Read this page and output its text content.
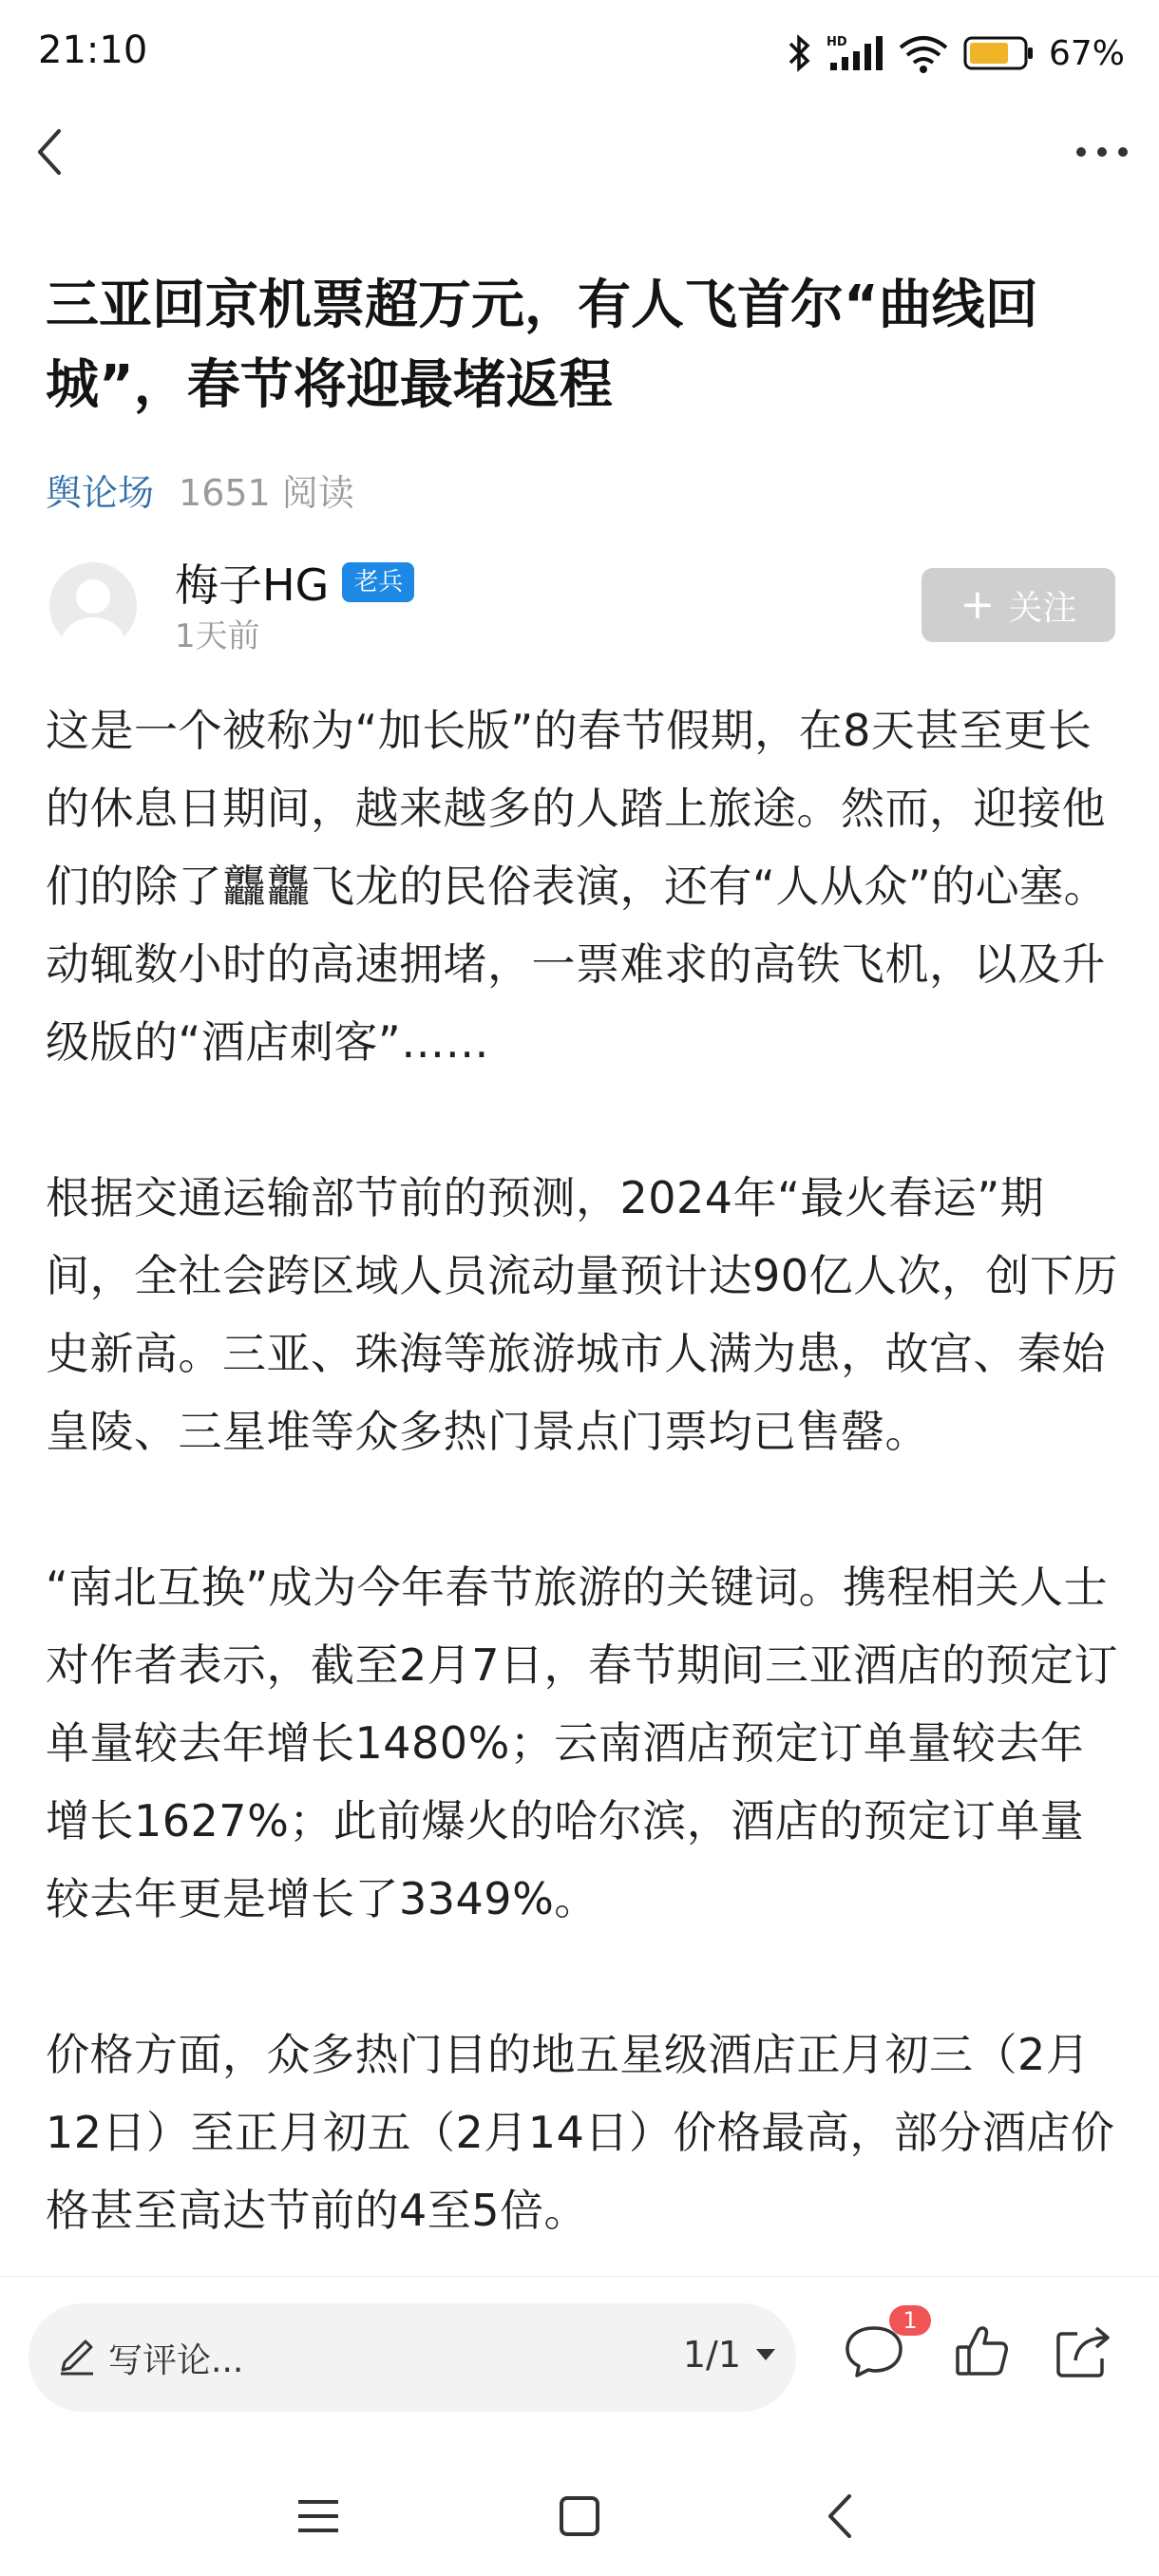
21:10	HD	67%
三亚回京机票超万元，有人飞首尔“曲线回城”，春节将迎最堵返程
舆论场 1651 阅读
梅子HG	老兵
1天前
+ 关注

这是一个被称为“加长版”的春节假期，在8天甚至更长的休息日期间，越来越多的人踏上旅途。然而，迎接他们的除了龘龘飞龙的民俗表演，还有“人从众”的心塞。动辄数小时的高速拥堵，一票难求的高铁飞机，以及升级版的“酒店刺客”……

根据交通运输部节前的预测，2024年“最火春运”期间，全社会跨区域人员流动量预计达90亿人次，创下历史新高。三亚、珠海等旅游城市人满为患，故宫、秦始皇陵、三星堆等众多热门景点门票均已售罄。

“南北互换”成为今年春节旅游的关键词。携程相关人士对作者表示，截至2月7日，春节期间三亚酒店的预定订单量较去年增长1480%；云南酒店预定订单量较去年增长1627%；此前爆火的哈尔滨，酒店的预定订单量较去年更是增长了3349%。

价格方面，众多热门目的地五星级酒店正月初三（2月12日）至正月初五（2月14日）价格最高，部分酒店价格甚至高达节前的4至5倍。

写评论...	1/1
1
